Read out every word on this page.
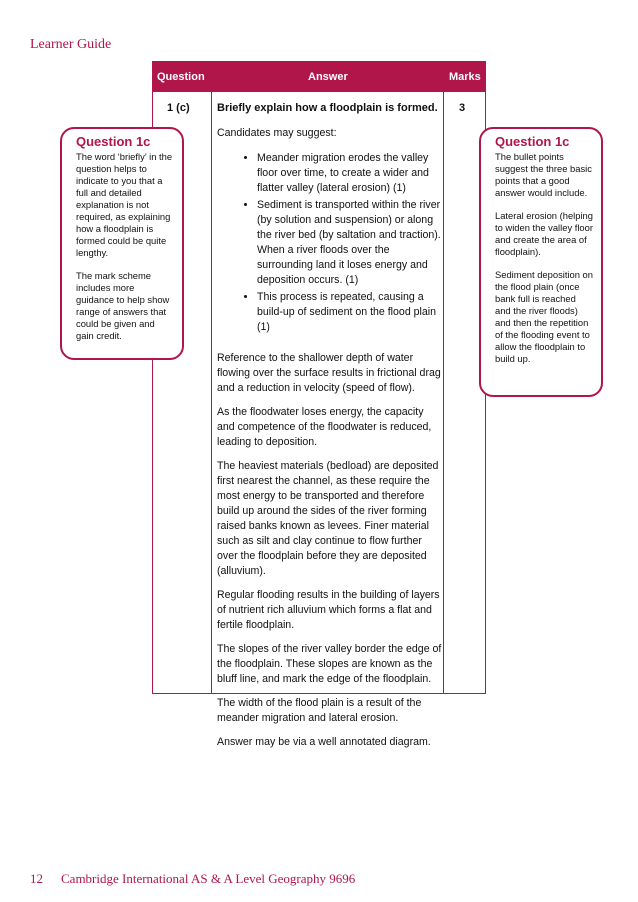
Learner Guide
Question	Answer	Marks
1 (c) Briefly explain how a floodplain is formed.	3

Candidates may suggest:

• Meander migration erodes the valley floor over time, to create a wider and flatter valley (lateral erosion) (1)
• Sediment is transported within the river (by solution and suspension) or along the river bed (by saltation and traction). When a river floods over the surrounding land it loses energy and deposition occurs. (1)
• This process is repeated, causing a build-up of sediment on the flood plain (1)

Reference to the shallower depth of water flowing over the surface results in frictional drag and a reduction in velocity (speed of flow).

As the floodwater loses energy, the capacity and competence of the floodwater is reduced, leading to deposition.

The heaviest materials (bedload) are deposited first nearest the channel, as these require the most energy to be transported and therefore build up around the sides of the river forming raised banks known as levees. Finer material such as silt and clay continue to flow further over the floodplain before they are deposited (alluvium).

Regular flooding results in the building of layers of nutrient rich alluvium which forms a flat and fertile floodplain.

The slopes of the river valley border the edge of the floodplain. These slopes are known as the bluff line, and mark the edge of the floodplain.

The width of the flood plain is a result of the meander migration and lateral erosion.

Answer may be via a well annotated diagram.

Question 1c

The word ‘briefly’ in the question helps to indicate to you that a full and detailed explanation is not required, as explaining how a floodplain is formed could be quite lengthy.

The mark scheme includes more guidance to help show range of answers that could be given and gain credit.

Question 1c

The bullet points suggest the three basic points that a good answer would include.

Lateral erosion (helping to widen the valley floor and create the area of floodplain).

Sediment deposition on the flood plain (once bank full is reached and the river floods) and then the repetition of the flooding event to allow the floodplain to build up.

12 Cambridge International AS & A Level Geography 9696
